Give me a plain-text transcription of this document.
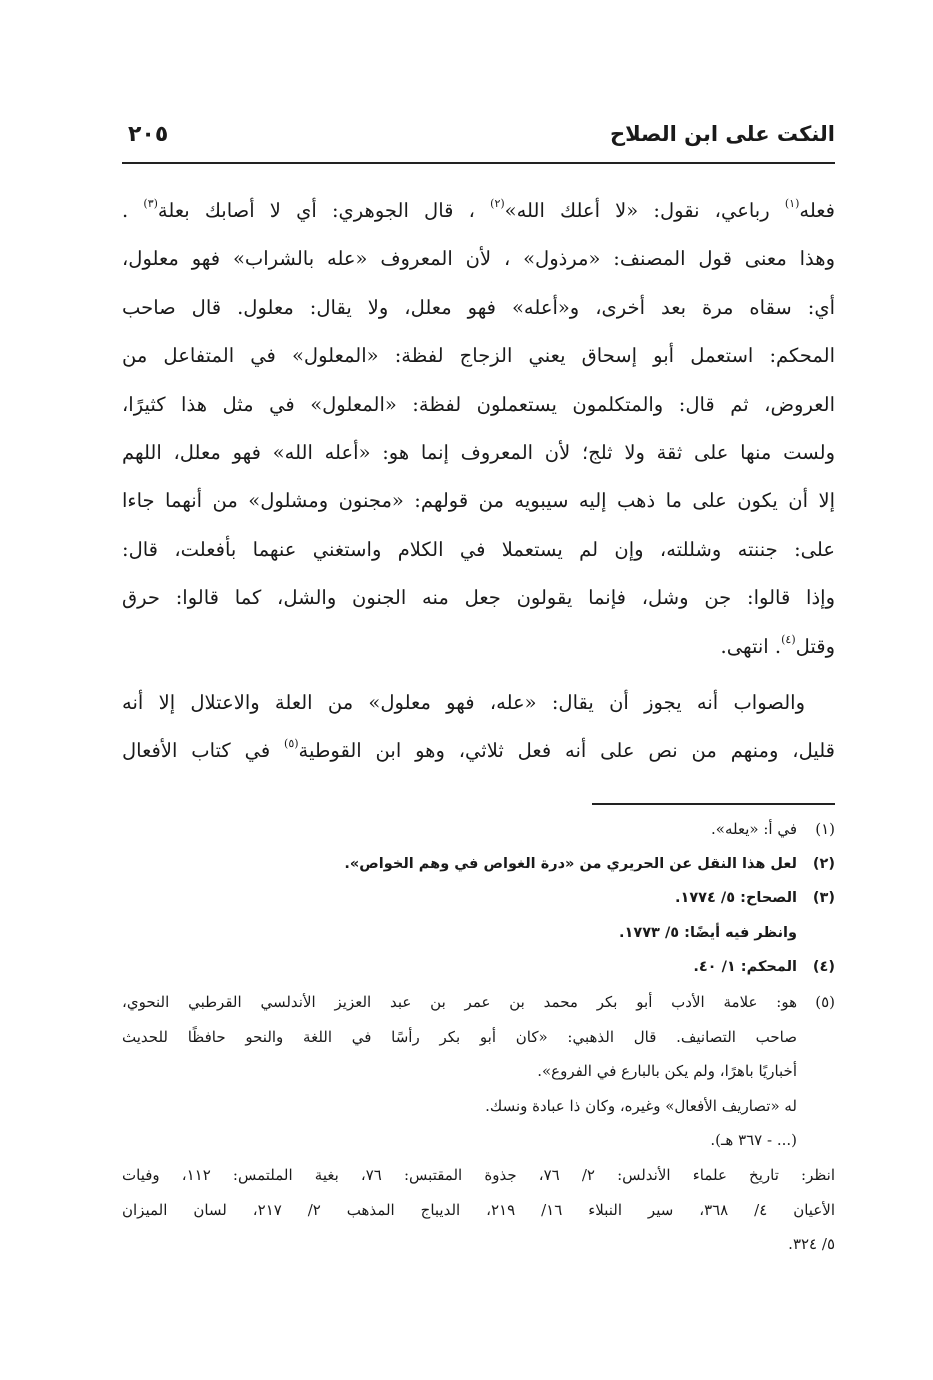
النكت على ابن الصلاح
٢٠٥
فعله$^{(١)}$ رباعي، نقول: «لا أعلك الله»$^{(٢)}$ ، قال الجوهري: أي لا أصابك بعلة$^{(٣)}$ .
وهذا معنى قول المصنف: «مرذول» ، لأن المعروف «عله بالشراب» فهو معلول،
أي: سقاه مرة بعد أخرى، و«أعله» فهو معلل، ولا يقال: معلول. قال صاحب
المحكم: استعمل أبو إسحاق يعني الزجاج لفظة: «المعلول» في المتفاعل من
العروض، ثم قال: والمتكلمون يستعملون لفظة: «المعلول» في مثل هذا كثيرًا،
ولست منها على ثقة ولا ثلج؛ لأن المعروف إنما هو: «أعله الله» فهو معلل، اللهم
إلا أن يكون على ما ذهب إليه سيبويه من قولهم: «مجنون ومشلول» من أنهما جاءا
على: جننته وشللته، وإن لم يستعملا في الكلام واستغني عنهما بأفعلت، قال:
وإذا قالوا: جن وشل، فإنما يقولون جعل منه الجنون والشل، كما قالوا: حرق
وقتل$^{(٤)}$. انتهى.
والصواب أنه يجوز أن يقال: «عله، فهو معلول» من العلة والاعتلال إلا أنه
قليل، ومنهم من نص على أنه فعل ثلاثي، وهو ابن القوطية$^{(٥)}$ في كتاب الأفعال
(١)في أ: «يعله».
(٢)لعل هذا النقل عن الحريري من «درة الغواص في وهم الخواص».
(٣)الصحاح: ٥/ ١٧٧٤.
وانظر فيه أيضًا: ٥/ ١٧٧٣.
(٤)المحكم: ١/ ٤٠.
(٥)هو: علامة الأدب أبو بكر محمد بن عمر بن عبد العزيز الأندلسي القرطبي النحوي،
صاحب التصانيف. قال الذهبي: «كان أبو بكر رأسًا في اللغة والنحو حافظًا للحديث
أخباريًا باهرًا، ولم يكن بالبارع في الفروع».
له «تصاريف الأفعال» وغيره، وكان ذا عبادة ونسك.
(... - ٣٦٧ هـ).
انظر: تاريخ علماء الأندلس: ٢/ ٧٦، جذوة المقتبس: ٧٦، بغية الملتمس: ١١٢، وفيات
الأعيان ٤/ ٣٦٨، سير النبلاء ١٦/ ٢١٩، الديباج المذهب ٢/ ٢١٧، لسان الميزان
٥/ ٣٢٤.
